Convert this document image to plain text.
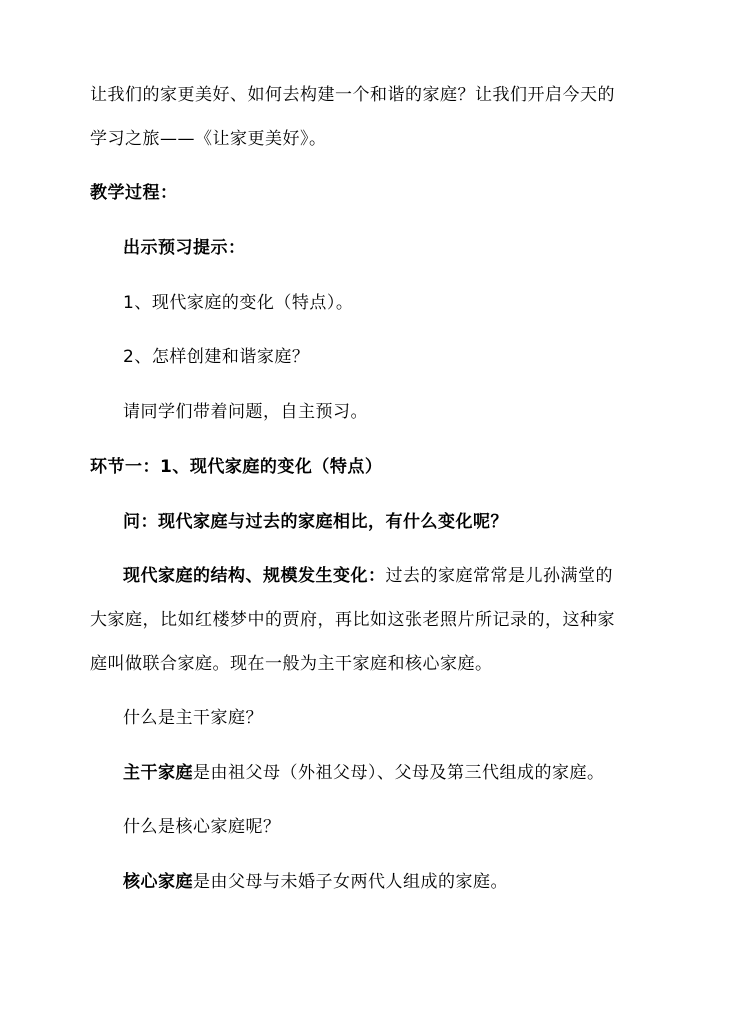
让我们的家更美好、如何去构建一个和谐的家庭？让我们开启今天的
学习之旅——《让家更美好》。
教学过程：
出示预习提示：
1、现代家庭的变化（特点）。
2、怎样创建和谐家庭？
请同学们带着问题，自主预习。
环节一：1、现代家庭的变化（特点）
问：现代家庭与过去的家庭相比，有什么变化呢？
现代家庭的结构、规模发生变化：过去的家庭常常是儿孙满堂的
大家庭，比如红楼梦中的贾府，再比如这张老照片所记录的，这种家
庭叫做联合家庭。现在一般为主干家庭和核心家庭。
什么是主干家庭？
主干家庭是由祖父母（外祖父母）、父母及第三代组成的家庭。
什么是核心家庭呢？
核心家庭是由父母与未婚子女两代人组成的家庭。
